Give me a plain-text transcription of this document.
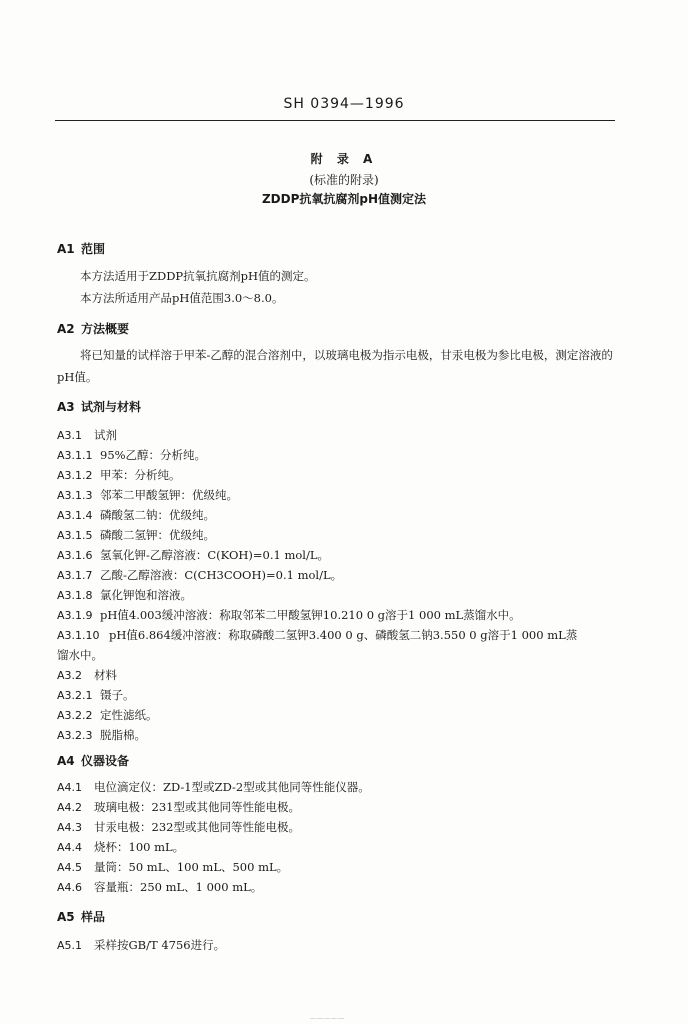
SH 0394—1996
附 录 A
(标准的附录)
ZDDP抗氧抗腐剂pH值测定法
A1 范围
本方法适用于ZDDP抗氧抗腐剂pH值的测定。
本方法所适用产品pH值范围3.0～8.0。
A2 方法概要
将已知量的试样溶于甲苯-乙醇的混合溶剂中，以玻璃电极为指示电极，甘汞电极为参比电极，测定溶液的pH值。
A3 试剂与材料
A3.1 试剂
A3.1.1 95%乙醇：分析纯。
A3.1.2 甲苯：分析纯。
A3.1.3 邻苯二甲酸氢钾：优级纯。
A3.1.4 磷酸氢二钠：优级纯。
A3.1.5 磷酸二氢钾：优级纯。
A3.1.6 氢氧化钾-乙醇溶液：C(KOH)=0.1 mol/L。
A3.1.7 乙酸-乙醇溶液：C(CH3COOH)=0.1 mol/L。
A3.1.8 氯化钾饱和溶液。
A3.1.9 pH值4.003缓冲溶液：称取邻苯二甲酸氢钾10.210 0 g溶于1 000 mL蒸馏水中。
A3.1.10 pH值6.864缓冲溶液：称取磷酸二氢钾3.400 0 g、磷酸氢二钠3.550 0 g溶于1 000 mL蒸
馏水中。
A3.2 材料
A3.2.1 镊子。
A3.2.2 定性滤纸。
A3.2.3 脱脂棉。
A4 仪器设备
A4.1 电位滴定仪：ZD-1型或ZD-2型或其他同等性能仪器。
A4.2 玻璃电极：231型或其他同等性能电极。
A4.3 甘汞电极：232型或其他同等性能电极。
A4.4 烧杯：100 mL。
A4.5 量筒：50 mL、100 mL、500 mL。
A4.6 容量瓶：250 mL、1 000 mL。
A5 样品
A5.1 采样按GB/T 4756进行。
……………
